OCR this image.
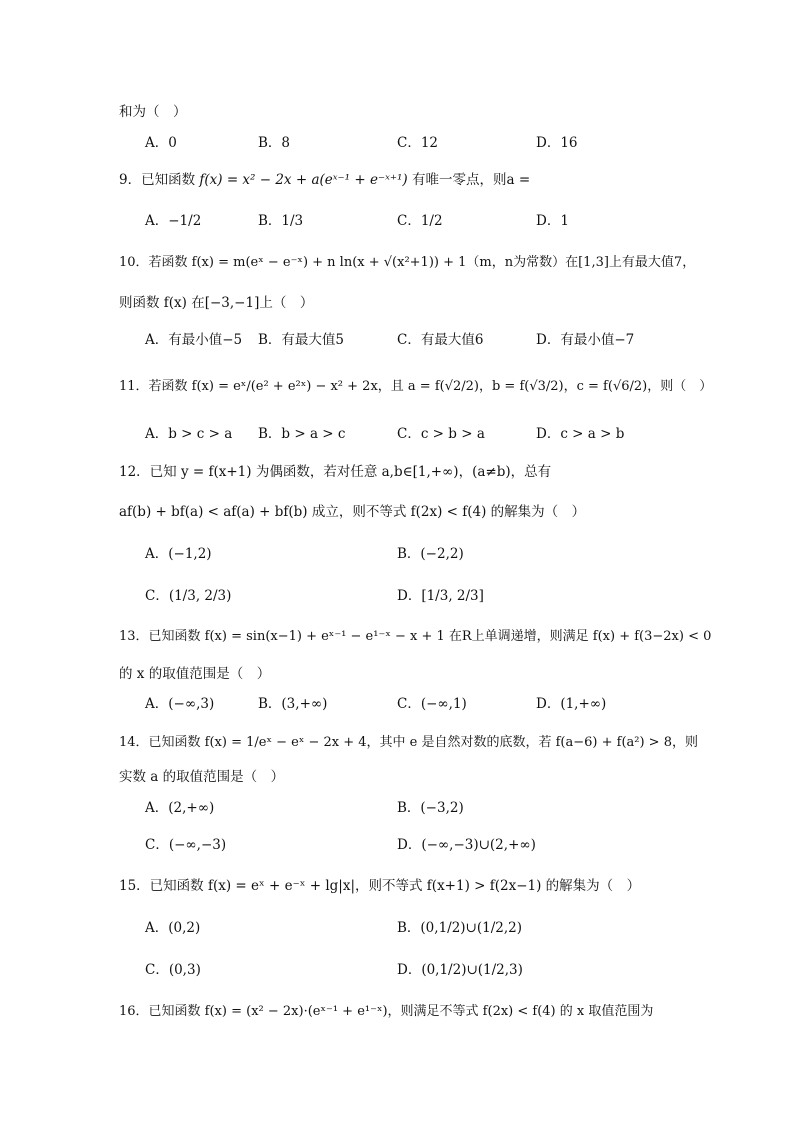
和为（　）
A．0	B．8	C．12	D．16
9．已知函数 f(x) = x² − 2x + a(eˣ⁻¹ + e⁻ˣ⁺¹) 有唯一零点，则a =
A．−1/2	B．1/3	C．1/2	D．1
10．若函数 f(x) = m(eˣ − e⁻ˣ) + n ln(x + √(x²+1)) + 1（m，n为常数）在[1,3]上有最大值7，
则函数 f(x) 在[−3,−1]上（　）
A．有最小值−5 B．有最大值5	C．有最大值6	D．有最小值−7
11．若函数 f(x) = eˣ/(e² + e²ˣ) − x² + 2x，且 a = f(√2/2)，b = f(√3/2)，c = f(√6/2)，则（　）
A．b > c > a B．b > a > c	C．c > b > a	D．c > a > b
12．已知 y = f(x+1) 为偶函数，若对任意 a,b∈[1,+∞)，(a≠b)，总有
af(b) + bf(a) < af(a) + bf(b) 成立，则不等式 f(2x) < f(4) 的解集为（　）
A．(−1,2)	B．(−2,2)
C．(1/3, 2/3)	D．[1/3, 2/3]
13．已知函数 f(x) = sin(x−1) + eˣ⁻¹ − e¹⁻ˣ − x + 1 在R上单调递增，则满足 f(x) + f(3−2x) < 0
的 x 的取值范围是（　）
A．(−∞,3)	B．(3,+∞)	C．(−∞,1)	D．(1,+∞)
14．已知函数 f(x) = 1/eˣ − eˣ − 2x + 4，其中 e 是自然对数的底数，若 f(a−6) + f(a²) > 8，则
实数 a 的取值范围是（　）
A．(2,+∞)	B．(−3,2)
C．(−∞,−3)	D．(−∞,−3)∪(2,+∞)
15．已知函数 f(x) = eˣ + e⁻ˣ + lg|x|，则不等式 f(x+1) > f(2x−1) 的解集为（　）
A．(0,2)	B．(0,1/2)∪(1/2,2)
C．(0,3)	D．(0,1/2)∪(1/2,3)
16．已知函数 f(x) = (x² − 2x)·(eˣ⁻¹ + e¹⁻ˣ)，则满足不等式 f(2x) < f(4) 的 x 取值范围为
